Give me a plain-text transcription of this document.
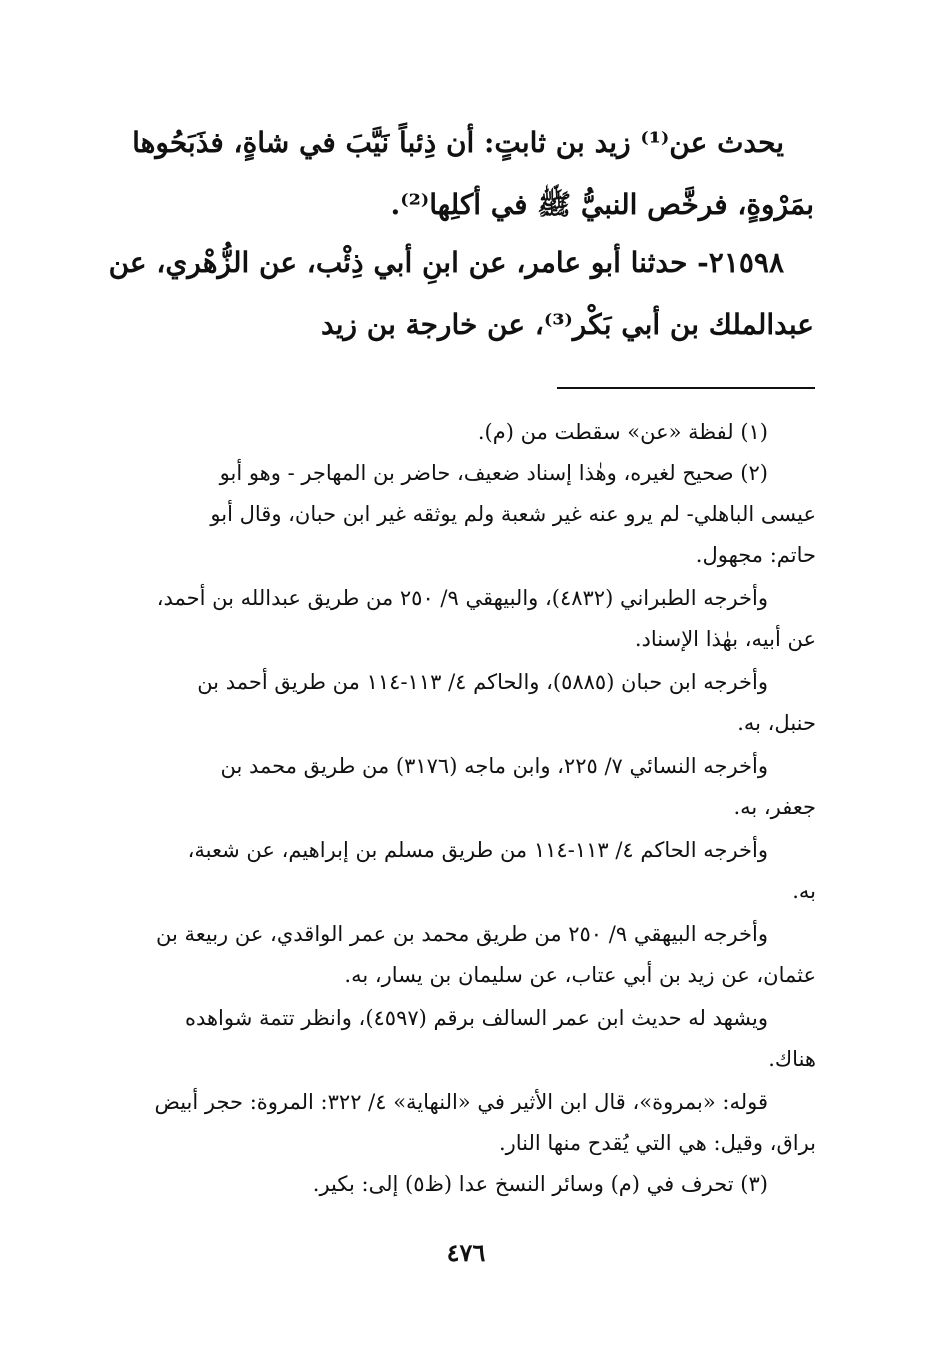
يحدث عن⁽¹⁾ زيد بن ثابتٍ: أن ذِئباً نَيَّبَ في شاةٍ، فذَبَحُوها

بمَرْوةٍ، فرخَّص النبيُّ ﷺ في أكلِها⁽²⁾.

٢١٥٩٨- حدثنا أبو عامر، عن ابنِ أبي ذِئْب، عن الزُّهْري، عن

عبدالملك بن أبي بَكْر⁽³⁾، عن خارجة بن زيد

(١) لفظة «عن» سقطت من (م).

(٢) صحيح لغيره، وهٰذا إسناد ضعيف، حاضر بن المهاجر - وهو أبو

عيسى الباهلي- لم يرو عنه غير شعبة ولم يوثقه غير ابن حبان، وقال أبو

حاتم: مجهول.

وأخرجه الطبراني (٤٨٣٢)، والبيهقي ٩/ ٢٥٠ من طريق عبدالله بن أحمد،

عن أبيه، بهٰذا الإسناد.

وأخرجه ابن حبان (٥٨٨٥)، والحاكم ٤/ ١١٣-١١٤ من طريق أحمد بن

حنبل، به.

وأخرجه النسائي ٧/ ٢٢٥، وابن ماجه (٣١٧٦) من طريق محمد بن

جعفر، به.

وأخرجه الحاكم ٤/ ١١٣-١١٤ من طريق مسلم بن إبراهيم، عن شعبة،

به.

وأخرجه البيهقي ٩/ ٢٥٠ من طريق محمد بن عمر الواقدي، عن ربيعة بن

عثمان، عن زيد بن أبي عتاب، عن سليمان بن يسار، به.

ويشهد له حديث ابن عمر السالف برقم (٤٥٩٧)، وانظر تتمة شواهده

هناك.

قوله: «بمروة»، قال ابن الأثير في «النهاية» ٤/ ٣٢٢: المروة: حجر أبيض

براق، وقيل: هي التي يُقدح منها النار.

(٣) تحرف في (م) وسائر النسخ عدا (ظ٥) إلى: بكير.

٤٧٦
